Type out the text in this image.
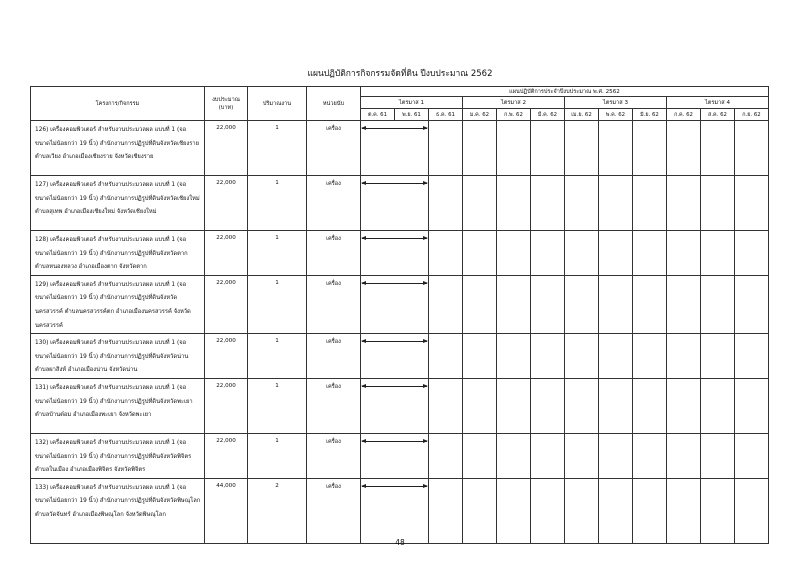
แผนปฏิบัติการกิจกรรมจัดที่ดิน ปีงบประมาณ 2562
โครงการ/กิจกรรม	งบประมาณ (บาท)	ปริมาณงาน	หน่วยนับ	แผนปฏิบัติการประจำปีงบประมาณ พ.ศ. 2562											
				ไตรมาส 1			ไตรมาส 2			ไตรมาส 3			ไตรมาส 4		
				ต.ค. 61	พ.ย. 61	ธ.ค. 61	ม.ค. 62	ก.พ. 62	มี.ค. 62	เม.ย. 62	พ.ค. 62	มิ.ย. 62	ก.ค. 62	ส.ค. 62	ก.ย. 62
126) เครื่องคอมพิวเตอร์ สำหรับงานประมวลผล แบบที่ 1 (จอขนาดไม่น้อยกว่า 19 นิ้ว) สำนักงานการปฏิรูปที่ดินจังหวัดเชียงราย ตำบลเวียง อำเภอเมืองเชียงราย จังหวัดเชียงราย	22,000	1	เครื่อง		

127) เครื่องคอมพิวเตอร์ สำหรับงานประมวลผล แบบที่ 1 (จอขนาดไม่น้อยกว่า 19 นิ้ว) สำนักงานการปฏิรูปที่ดินจังหวัดเชียงใหม่ ตำบลสุเทพ อำเภอเมืองเชียงใหม่ จังหวัดเชียงใหม่	22,000	1	เครื่อง		

128) เครื่องคอมพิวเตอร์ สำหรับงานประมวลผล แบบที่ 1 (จอขนาดไม่น้อยกว่า 19 นิ้ว) สำนักงานการปฏิรูปที่ดินจังหวัดตาก ตำบลหนองหลวง อำเภอเมืองตาก จังหวัดตาก	22,000	1	เครื่อง		

129) เครื่องคอมพิวเตอร์ สำหรับงานประมวลผล แบบที่ 1 (จอขนาดไม่น้อยกว่า 19 นิ้ว) สำนักงานการปฏิรูปที่ดินจังหวัดนครสวรรค์ ตำบลนครสวรรค์ตก อำเภอเมืองนครสวรรค์ จังหวัดนครสวรรค์	22,000	1	เครื่อง		

130) เครื่องคอมพิวเตอร์ สำหรับงานประมวลผล แบบที่ 1 (จอขนาดไม่น้อยกว่า 19 นิ้ว) สำนักงานการปฏิรูปที่ดินจังหวัดน่าน ตำบลผาสิงห์ อำเภอเมืองน่าน จังหวัดน่าน	22,000	1	เครื่อง		

131) เครื่องคอมพิวเตอร์ สำหรับงานประมวลผล แบบที่ 1 (จอขนาดไม่น้อยกว่า 19 นิ้ว) สำนักงานการปฏิรูปที่ดินจังหวัดพะเยา ตำบลบ้านต๋อม อำเภอเมืองพะเยา จังหวัดพะเยา	22,000	1	เครื่อง		

132) เครื่องคอมพิวเตอร์ สำหรับงานประมวลผล แบบที่ 1 (จอขนาดไม่น้อยกว่า 19 นิ้ว) สำนักงานการปฏิรูปที่ดินจังหวัดพิจิตร ตำบลในเมือง อำเภอเมืองพิจิตร จังหวัดพิจิตร	22,000	1	เครื่อง		

133) เครื่องคอมพิวเตอร์ สำหรับงานประมวลผล แบบที่ 1 (จอขนาดไม่น้อยกว่า 19 นิ้ว) สำนักงานการปฏิรูปที่ดินจังหวัดพิษณุโลก ตำบลวัดจันทร์ อำเภอเมืองพิษณุโลก จังหวัดพิษณุโลก	44,000	2	เครื่อง		

48
